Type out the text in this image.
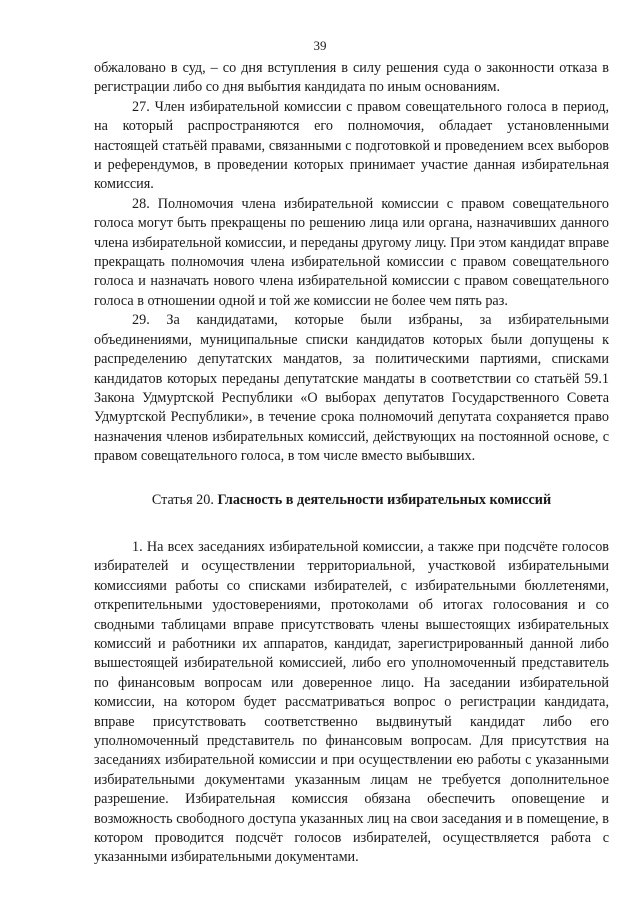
39

обжаловано в суд, – со дня вступления в силу решения суда о законности отказа в регистрации либо со дня выбытия кандидата по иным основаниям.

27. Член избирательной комиссии с правом совещательного голоса в период, на который распространяются его полномочия, обладает установленными настоящей статьёй правами, связанными с подготовкой и проведением всех выборов и референдумов, в проведении которых принимает участие данная избирательная комиссия.

28. Полномочия члена избирательной комиссии с правом совещательного голоса могут быть прекращены по решению лица или органа, назначивших данного члена избирательной комиссии, и переданы другому лицу. При этом кандидат вправе прекращать полномочия члена избирательной комиссии с правом совещательного голоса и назначать нового члена избирательной комиссии с правом совещательного голоса в отношении одной и той же комиссии не более чем пять раз.

29. За кандидатами, которые были избраны, за избирательными объединениями, муниципальные списки кандидатов которых были допущены к распределению депутатских мандатов, за политическими партиями, списками кандидатов которых переданы депутатские мандаты в соответствии со статьёй 59.1 Закона Удмуртской Республики «О выборах депутатов Государственного Совета Удмуртской Республики», в течение срока полномочий депутата сохраняется право назначения членов избирательных комиссий, действующих на постоянной основе, с правом совещательного голоса, в том числе вместо выбывших.

Статья 20. Гласность в деятельности избирательных комиссий

1. На всех заседаниях избирательной комиссии, а также при подсчёте голосов избирателей и осуществлении территориальной, участковой избирательными комиссиями работы со списками избирателей, с избирательными бюллетенями, открепительными удостоверениями, протоколами об итогах голосования и со сводными таблицами вправе присутствовать члены вышестоящих избирательных комиссий и работники их аппаратов, кандидат, зарегистрированный данной либо вышестоящей избирательной комиссией, либо его уполномоченный представитель по финансовым вопросам или доверенное лицо. На заседании избирательной комиссии, на котором будет рассматриваться вопрос о регистрации кандидата, вправе присутствовать соответственно выдвинутый кандидат либо его уполномоченный представитель по финансовым вопросам. Для присутствия на заседаниях избирательной комиссии и при осуществлении ею работы с указанными избирательными документами указанным лицам не требуется дополнительное разрешение. Избирательная комиссия обязана обеспечить оповещение и возможность свободного доступа указанных лиц на свои заседания и в помещение, в котором проводится подсчёт голосов избирателей, осуществляется работа с указанными избирательными документами.
